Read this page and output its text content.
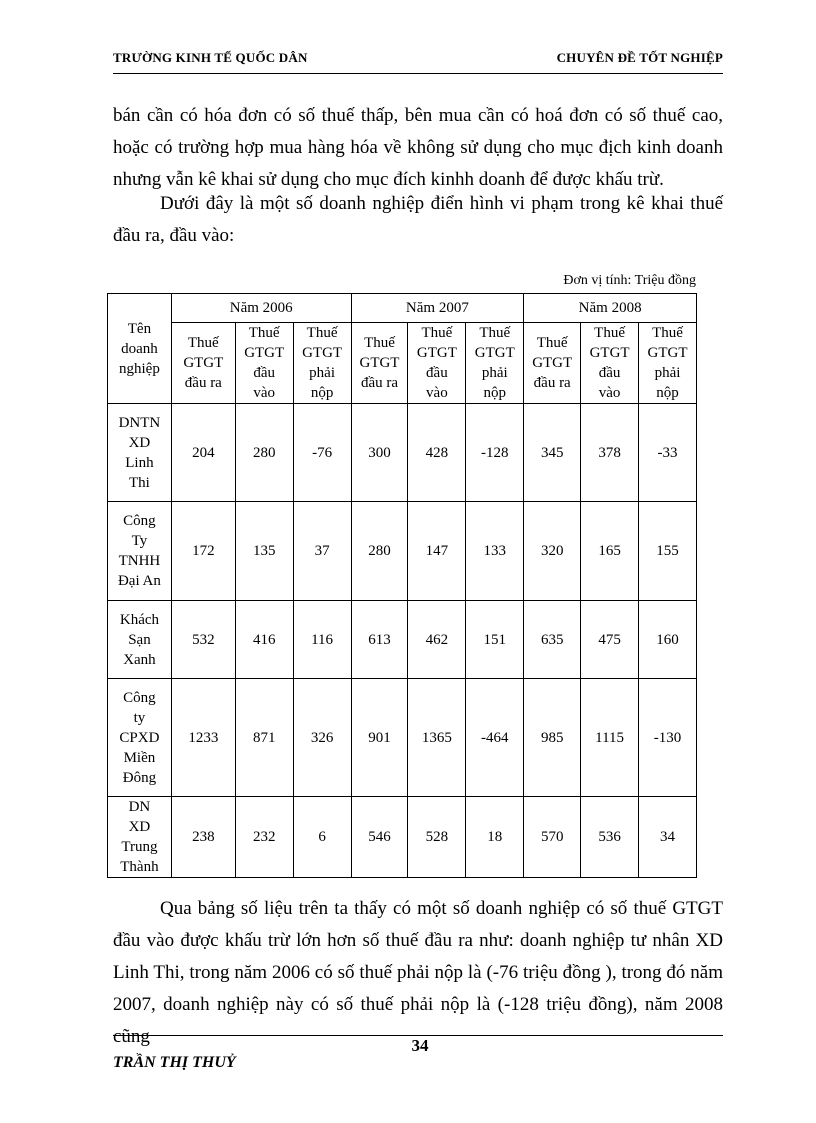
TRƯỜNG KINH TẾ QUỐC DÂN	CHUYÊN ĐỀ TỐT NGHIỆP
bán cần có hóa đơn có số thuế thấp, bên mua cần có hoá đơn có số thuế cao, hoặc có trường hợp mua hàng hóa về không sử dụng cho mục địch kinh doanh nhưng vẫn kê khai sử dụng cho mục đích kinhh doanh để được khấu trừ.
Dưới đây là một số doanh nghiệp điển hình vi phạm trong kê khai thuế đầu ra, đầu vào:
Đơn vị tính: Triệu đồng
Tên doanh nghiệp	Năm 2006			Năm 2007			Năm 2008		

	Thuế GTGT đầu ra	Thuế GTGT đầu vào	Thuế GTGT phải nộp	Thuế GTGT đầu ra	Thuế GTGT đầu vào	Thuế GTGT phải nộp	Thuế GTGT đầu ra	Thuế GTGT đầu vào	Thuế GTGT phải nộp

DNTN XD Linh Thi	204	280	-76	300	428	-128	345	378	-33

Công Ty TNHH Đại An	172	135	37	280	147	133	320	165	155

Khách Sạn Xanh	532	416	116	613	462	151	635	475	160

Công ty CPXD Miền Đông	1233	871	326	901	1365	-464	985	1115	-130

DN XD Trung Thành	238	232	6	546	528	18	570	536	34
Qua bảng số liệu trên ta thấy có một số doanh nghiệp có số thuế GTGT đầu vào được khấu trừ lớn hơn số thuế đầu ra như: doanh nghiệp tư nhân XD Linh Thi, trong năm 2006 có số thuế phải nộp là (-76 triệu đồng ), trong đó năm 2007, doanh nghiệp này có số thuế phải nộp là (-128 triệu đồng), năm 2008 cũng	34
TRẦN THỊ THUỶ
